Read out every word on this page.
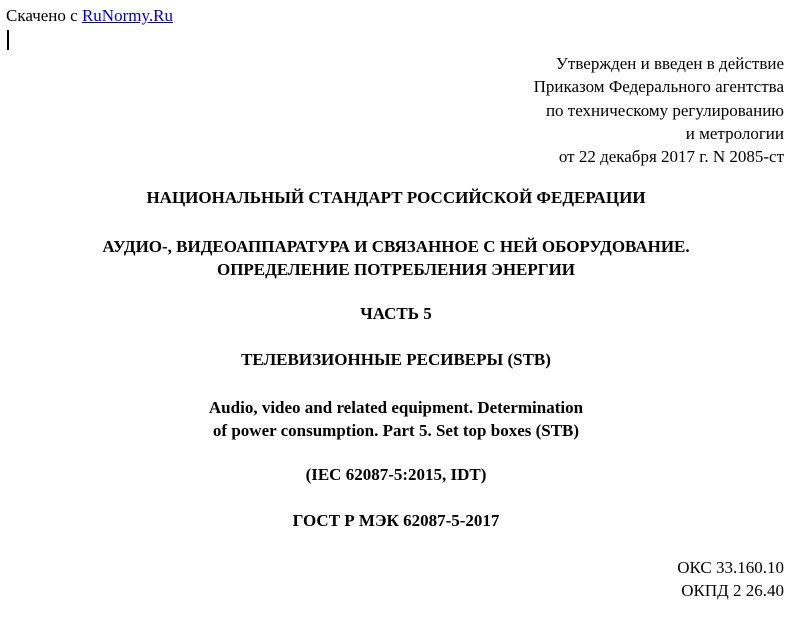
Скачено с RuNormy.Ru
Утвержден и введен в действие
Приказом Федерального агентства
по техническому регулированию
и метрологии
от 22 декабря 2017 г. N 2085-ст
НАЦИОНАЛЬНЫЙ СТАНДАРТ РОССИЙСКОЙ ФЕДЕРАЦИИ
АУДИО-, ВИДЕОАППАРАТУРА И СВЯЗАННОЕ С НЕЙ ОБОРУДОВАНИЕ.
ОПРЕДЕЛЕНИЕ ПОТРЕБЛЕНИЯ ЭНЕРГИИ
ЧАСТЬ 5
ТЕЛЕВИЗИОННЫЕ РЕСИВЕРЫ (STB)
Audio, video and related equipment. Determination
of power consumption. Part 5. Set top boxes (STB)
(IEC 62087-5:2015, IDT)
ГОСТ Р МЭК 62087-5-2017
ОКС 33.160.10
ОКПД 2 26.40
